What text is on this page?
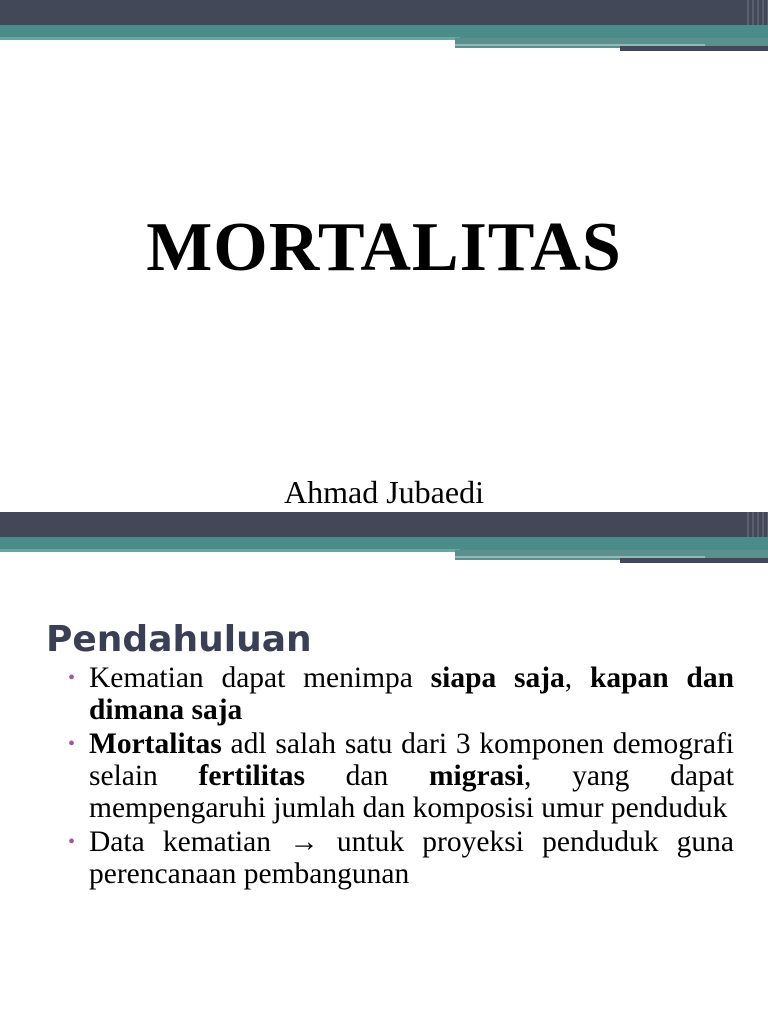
MORTALITAS

Ahmad Jubaedi

Pendahuluan
• Kematian dapat menimpa siapa saja, kapan dan dimana saja
• Mortalitas adl salah satu dari 3 komponen demografi selain fertilitas dan migrasi, yang dapat mempengaruhi jumlah dan komposisi umur penduduk
• Data kematian → untuk proyeksi penduduk guna perencanaan pembangunan
